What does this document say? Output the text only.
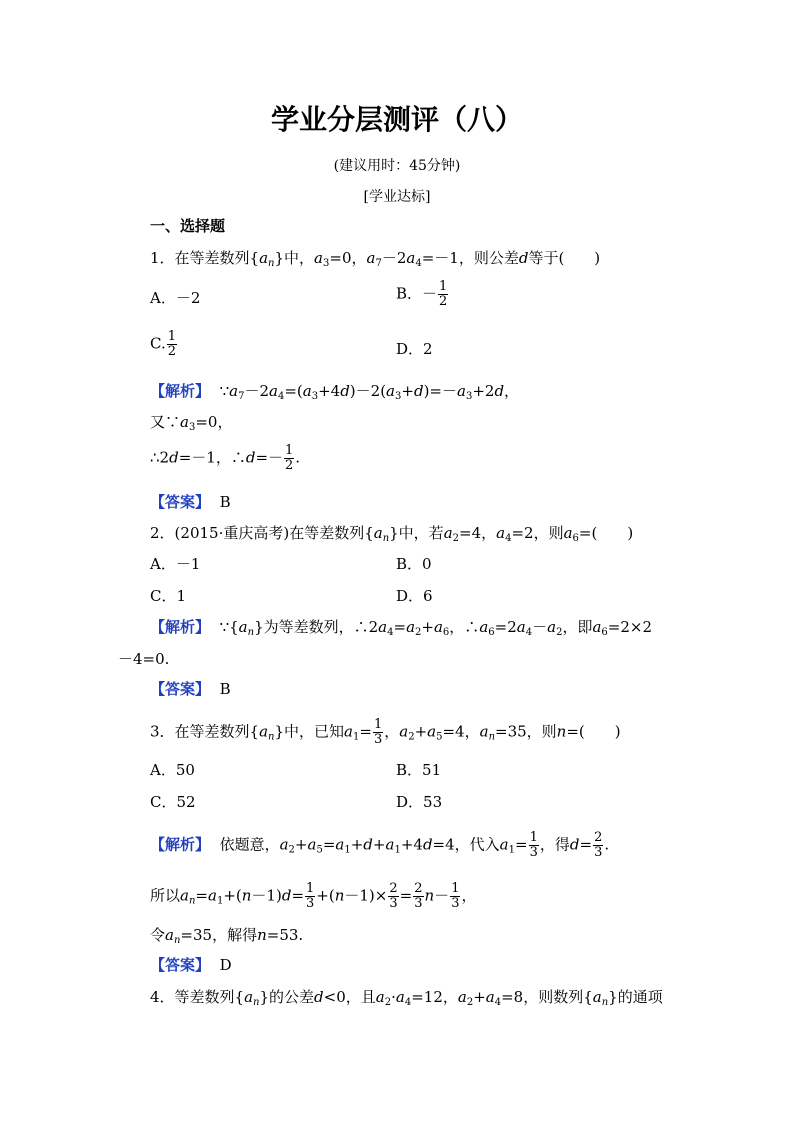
学业分层测评（八）
(建议用时：45分钟)
[学业达标]
一、选择题
1．在等差数列$\{a_n\}$中，$a_3=0$，$a_7-2a_4=-1$，则公差d等于(　　)
A．－2	B．－ $\frac{1}{2}$
C. $\frac{1}{2}$	D．2
【解析】 $\because a_7-2a_4=(a_3+4d)-2(a_3+d)=-a_3+2d$，
又$\because a_3=0$，
∴2d=－1，∴d=－ $\frac{1}{2}$ .
【答案】 B
2．(2015·重庆高考)在等差数列$\{a_n\}$中，若$a_2=4$，$a_4=2$，则$a_6=$(　　)
A．－1	B．0
C．1	D．6
【解析】 $\because\{a_n\}$为等差数列，$\therefore 2a_4=a_2+a_6$，$\therefore a_6=2a_4-a_2$，即$a_6=2\times 2$
－4=0.
【答案】 B
3．在等差数列$\{a_n\}$中，已知$a_1= \frac{1}{3}$ ，$a_2+a_5=4$，$a_n=35$，则n=(　　)
A．50	B．51
C．52	D．53
【解析】 依题意，$a_2+a_5=a_1+d+a_1+4d=4$，代入$a_1= \frac{1}{3}$ ，得$d= \frac{2}{3}$ .
所以$a_n=a_1+(n-1)d= \frac{1}{3} +(n-1)\times \frac{2}{3} = \frac{2}{3} n- \frac{1}{3}$ ，
令$a_n=35$，解得n=53.
【答案】 D
4．等差数列$\{a_n\}$的公差d<0，且$a_2\cdot a_4=12$，$a_2+a_4=8$，则数列$\{a_n\}$的通项
